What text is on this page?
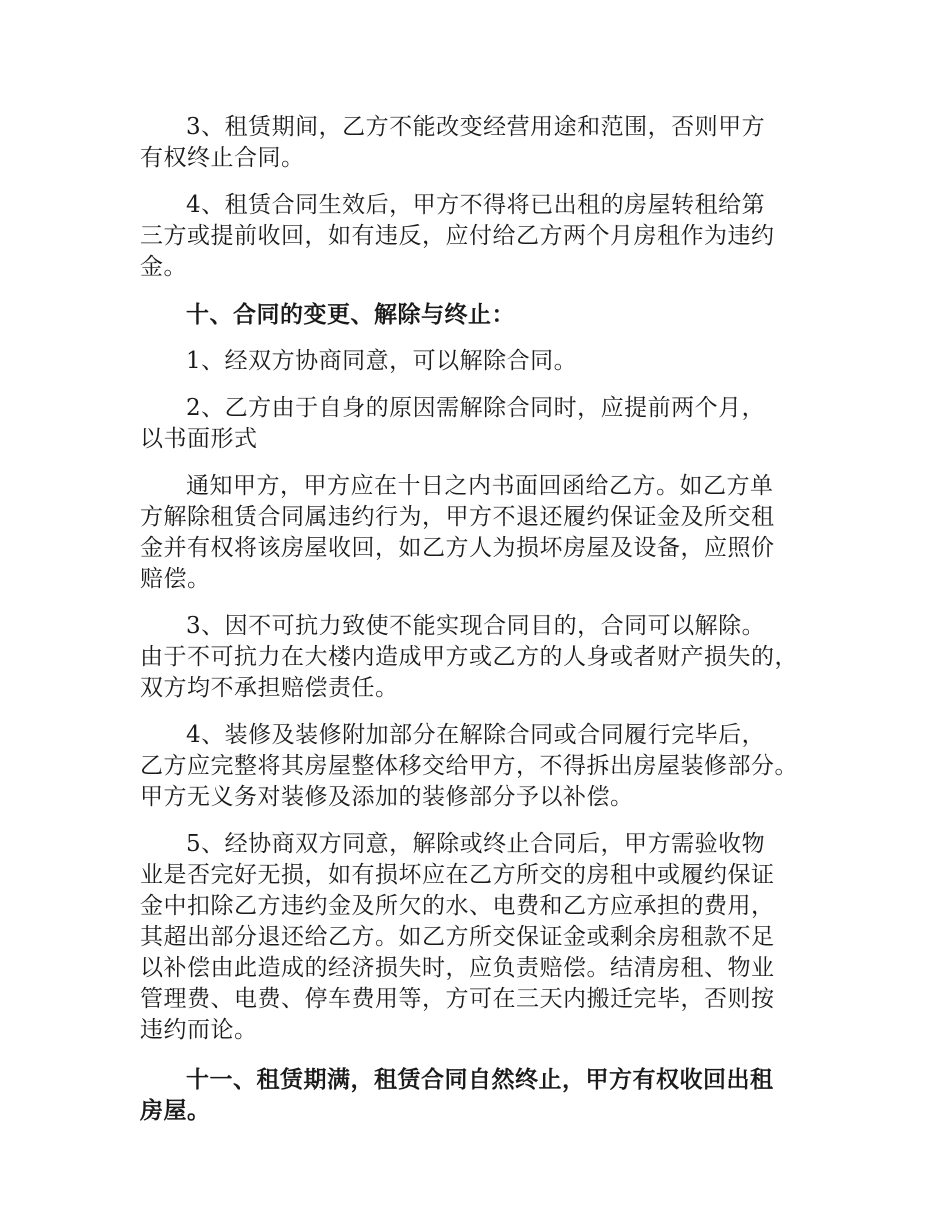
3、租赁期间，乙方不能改变经营用途和范围，否则甲方
有权终止合同。

4、租赁合同生效后，甲方不得将已出租的房屋转租给第
三方或提前收回，如有违反，应付给乙方两个月房租作为违约
金。

十、合同的变更、解除与终止：

1、经双方协商同意，可以解除合同。

2、乙方由于自身的原因需解除合同时，应提前两个月，
以书面形式

通知甲方，甲方应在十日之内书面回函给乙方。如乙方单
方解除租赁合同属违约行为，甲方不退还履约保证金及所交租
金并有权将该房屋收回，如乙方人为损坏房屋及设备，应照价
赔偿。

3、因不可抗力致使不能实现合同目的，合同可以解除。
由于不可抗力在大楼内造成甲方或乙方的人身或者财产损失的，
双方均不承担赔偿责任。

4、装修及装修附加部分在解除合同或合同履行完毕后，
乙方应完整将其房屋整体移交给甲方，不得拆出房屋装修部分。
甲方无义务对装修及添加的装修部分予以补偿。

5、经协商双方同意，解除或终止合同后，甲方需验收物
业是否完好无损，如有损坏应在乙方所交的房租中或履约保证
金中扣除乙方违约金及所欠的水、电费和乙方应承担的费用，
其超出部分退还给乙方。如乙方所交保证金或剩余房租款不足
以补偿由此造成的经济损失时，应负责赔偿。结清房租、物业
管理费、电费、停车费用等，方可在三天内搬迁完毕，否则按
违约而论。

十一、租赁期满，租赁合同自然终止，甲方有权收回出租
房屋。
